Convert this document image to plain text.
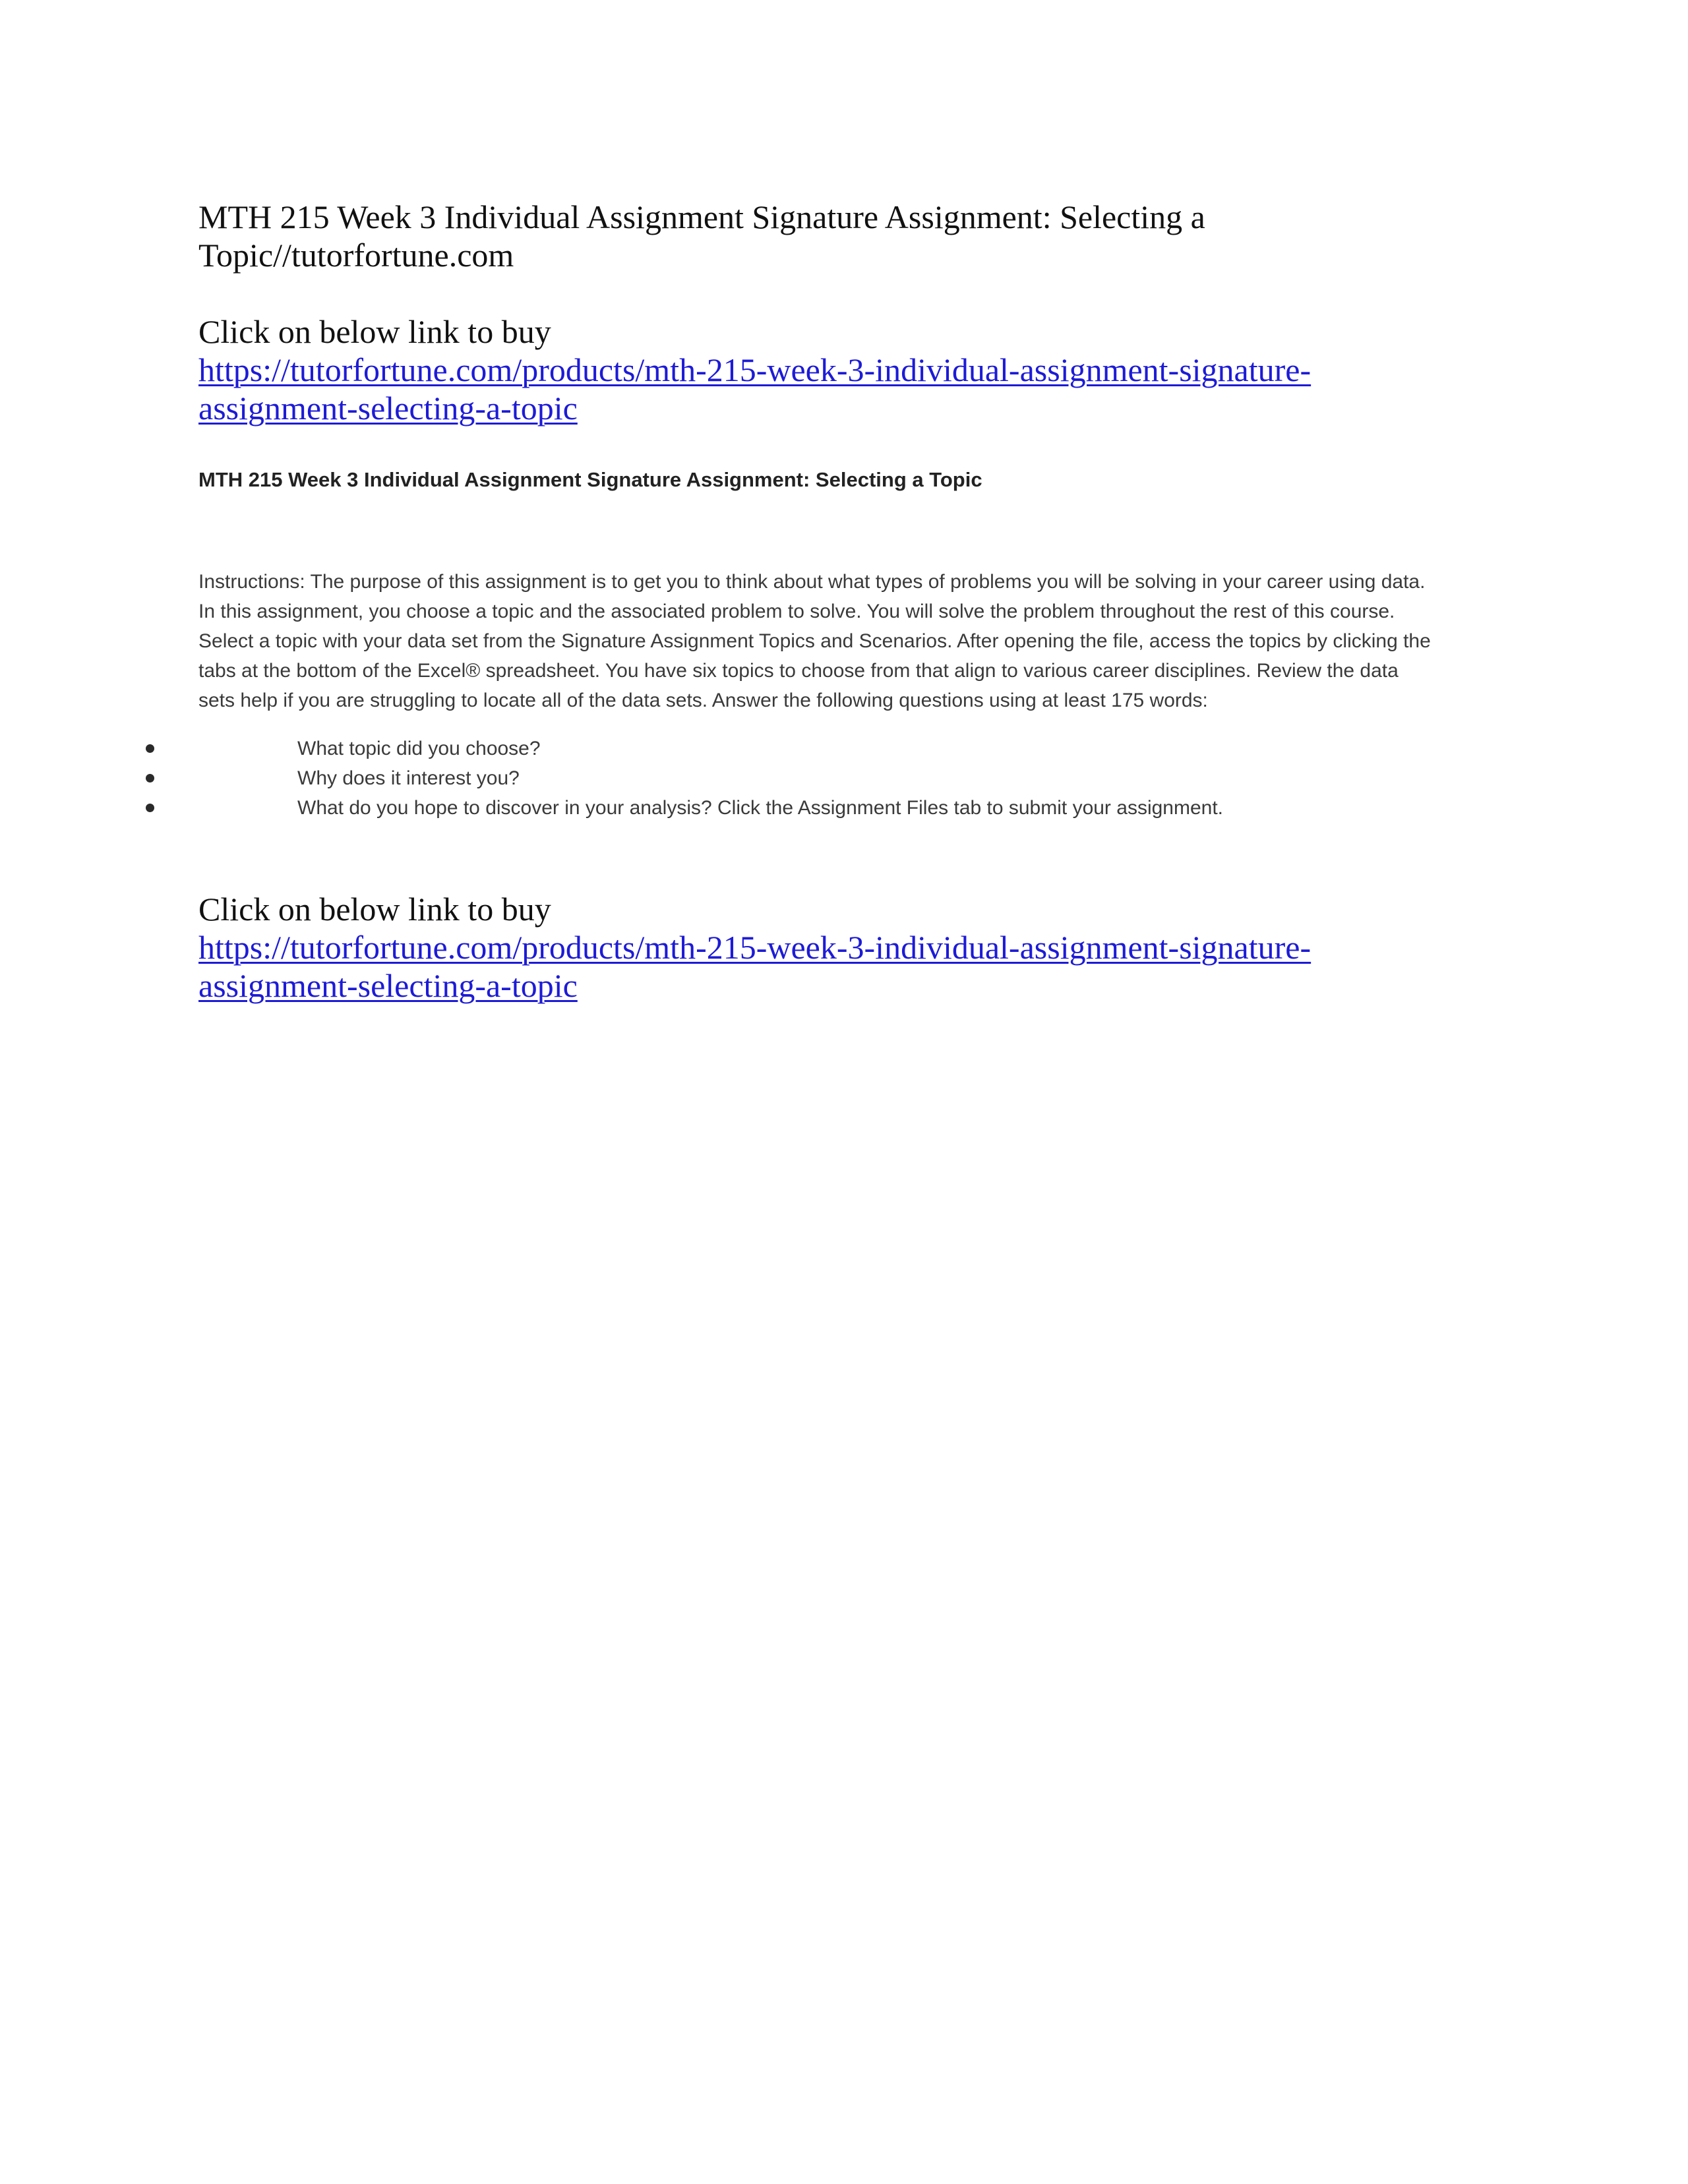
MTH 215 Week 3 Individual Assignment Signature Assignment: Selecting a Topic//tutorfortune.com
Click on below link to buy
https://tutorfortune.com/products/mth-215-week-3-individual-assignment-signature-assignment-selecting-a-topic
MTH 215 Week 3 Individual Assignment Signature Assignment: Selecting a Topic
Instructions: The purpose of this assignment is to get you to think about what types of problems you will be solving in your career using data. In this assignment, you choose a topic and the associated problem to solve. You will solve the problem throughout the rest of this course. Select a topic with your data set from the Signature Assignment Topics and Scenarios. After opening the file, access the topics by clicking the tabs at the bottom of the Excel® spreadsheet. You have six topics to choose from that align to various career disciplines. Review the data sets help if you are struggling to locate all of the data sets. Answer the following questions using at least 175 words:
What topic did you choose?
Why does it interest you?
What do you hope to discover in your analysis? Click the Assignment Files tab to submit your assignment.
Click on below link to buy
https://tutorfortune.com/products/mth-215-week-3-individual-assignment-signature-assignment-selecting-a-topic
